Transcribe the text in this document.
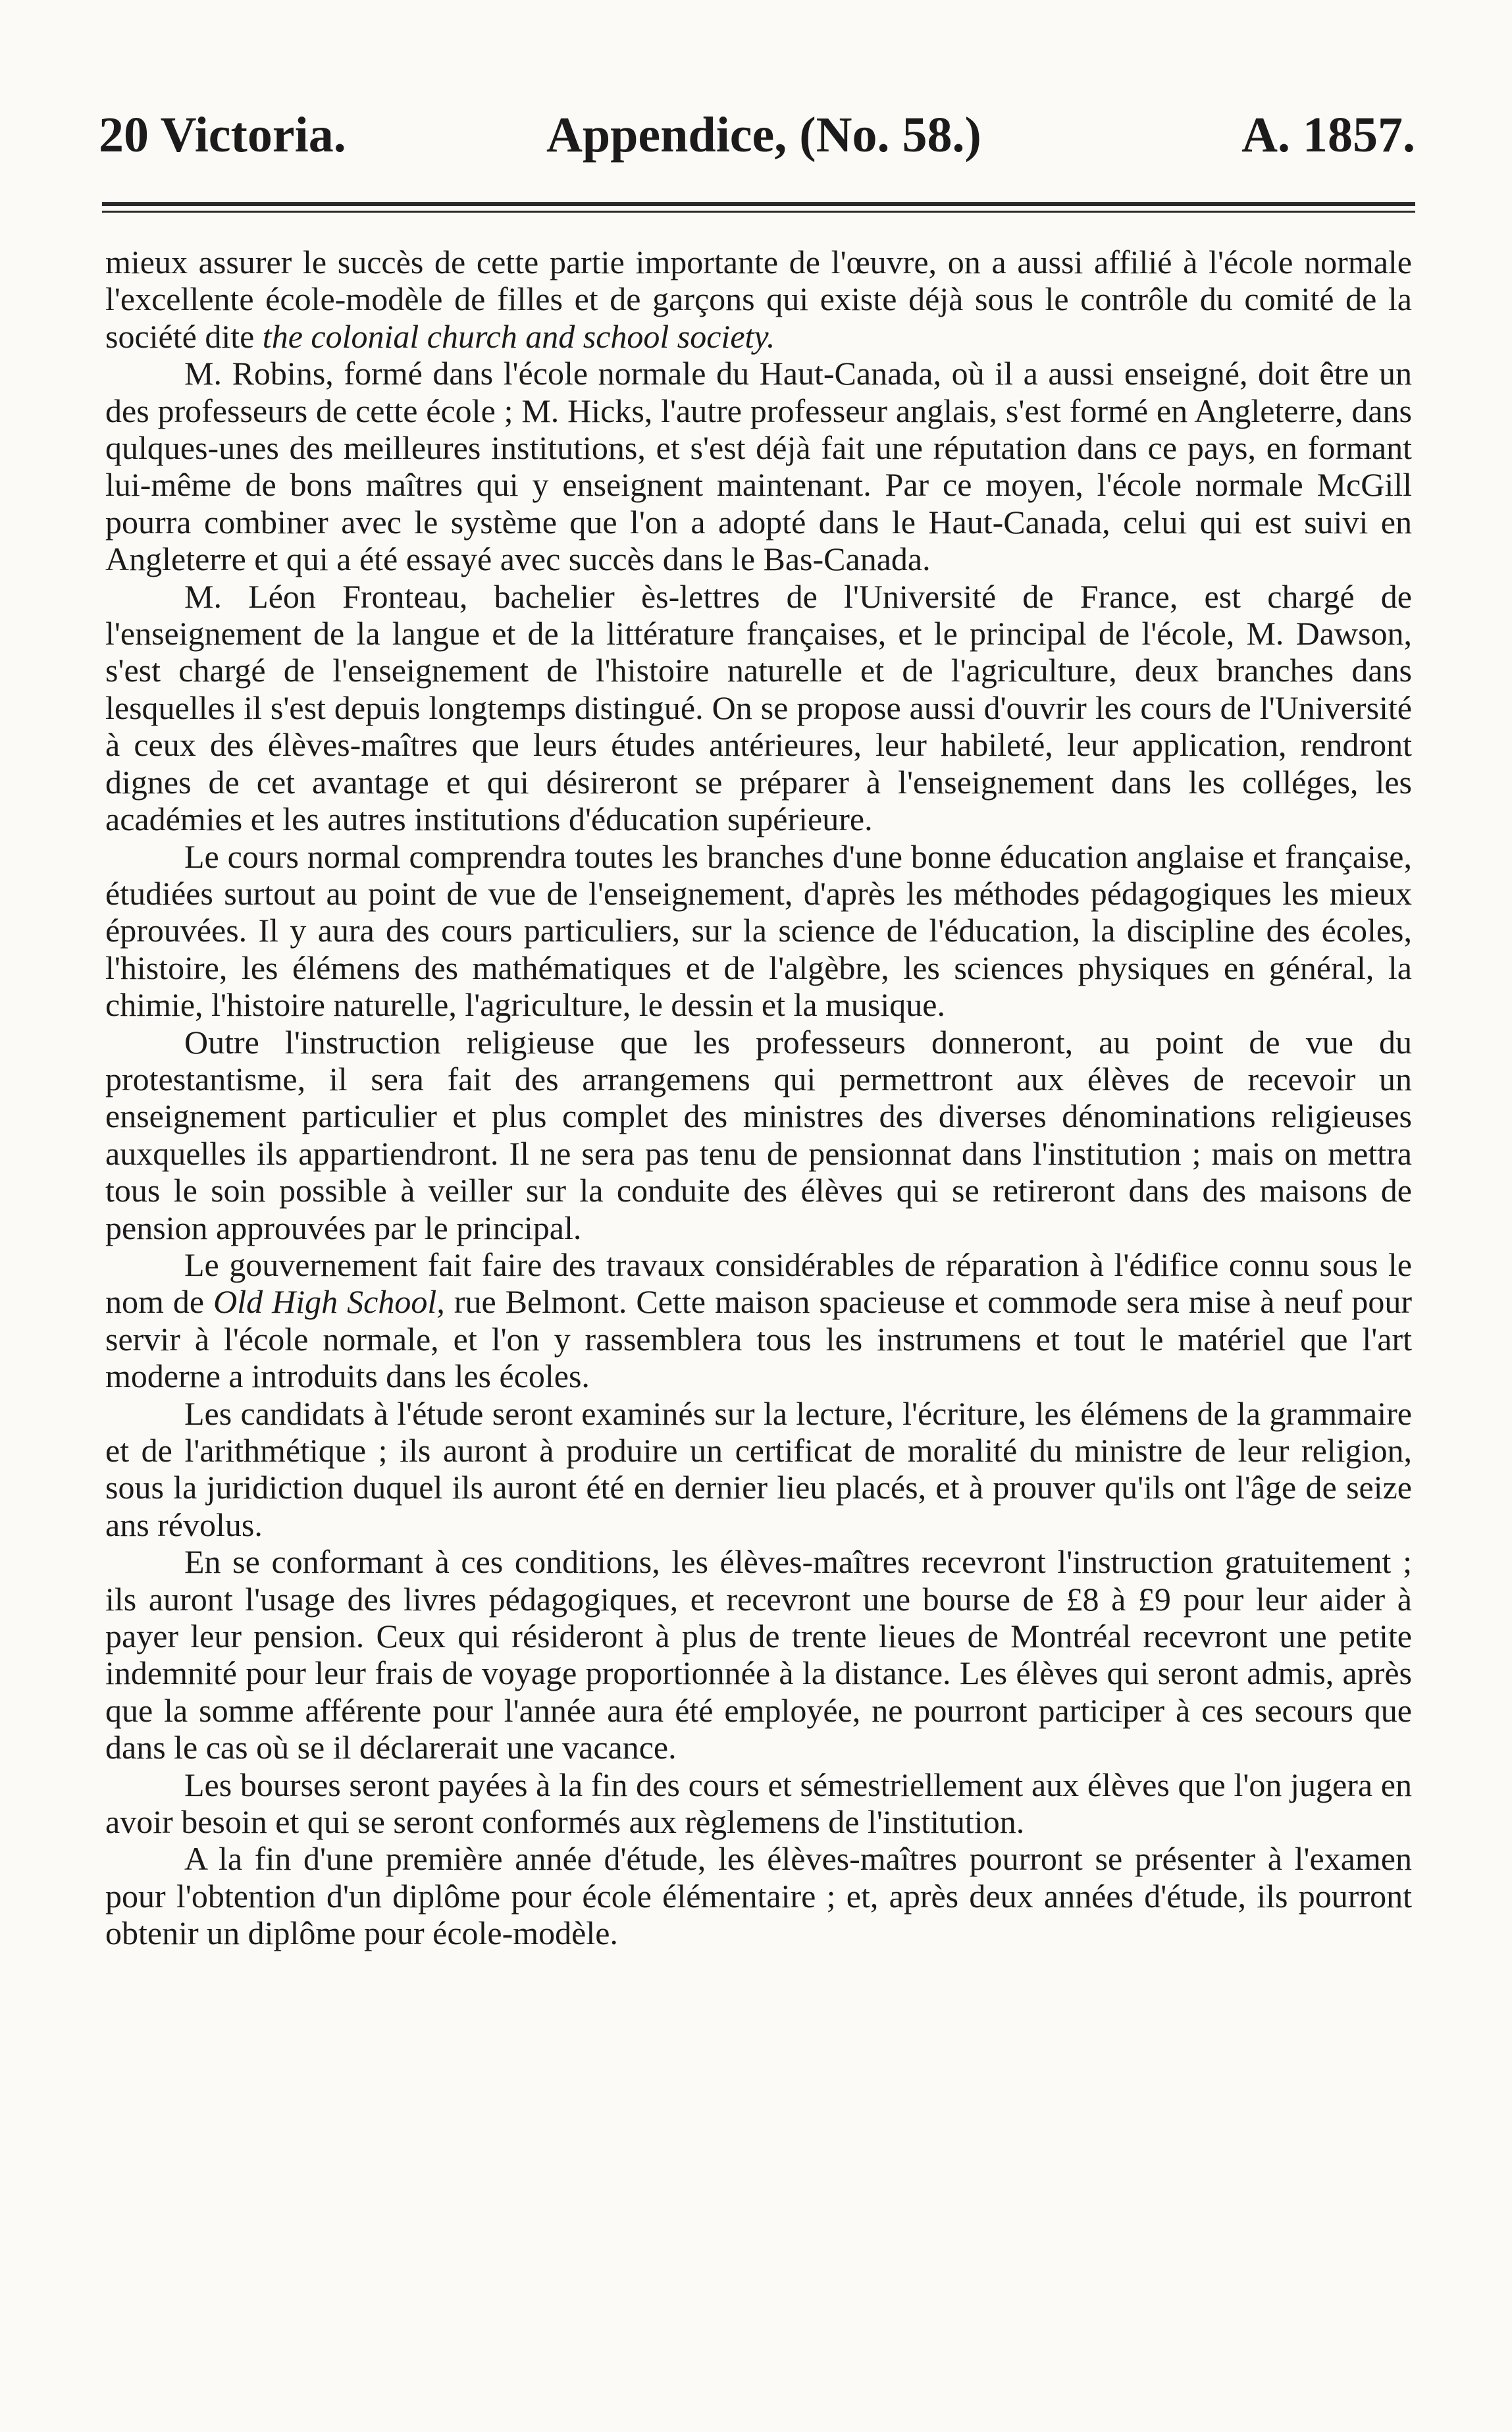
20 Victoria.	Appendice, (No. 58.)	A. 1857.

mieux assurer le succès de cette partie importante de l'œuvre, on a aussi affilié à l'école normale l'excellente école-modèle de filles et de garçons qui existe déjà sous le contrôle du comité de la société dite the colonial church and school society.

M. Robins, formé dans l'école normale du Haut-Canada, où il a aussi enseigné, doit être un des professeurs de cette école ; M. Hicks, l'autre professeur anglais, s'est formé en Angleterre, dans qulques-unes des meilleures institutions, et s'est déjà fait une réputation dans ce pays, en formant lui-même de bons maîtres qui y enseignent maintenant. Par ce moyen, l'école normale McGill pourra combiner avec le système que l'on a adopté dans le Haut-Canada, celui qui est suivi en Angleterre et qui a été essayé avec succès dans le Bas-Canada.

M. Léon Fronteau, bachelier ès-lettres de l'Université de France, est chargé de l'enseignement de la langue et de la littérature françaises, et le principal de l'école, M. Dawson, s'est chargé de l'enseignement de l'histoire naturelle et de l'agriculture, deux branches dans lesquelles il s'est depuis longtemps distingué. On se propose aussi d'ouvrir les cours de l'Université à ceux des élèves-maîtres que leurs études antérieures, leur habileté, leur application, rendront dignes de cet avantage et qui désireront se préparer à l'enseignement dans les colléges, les académies et les autres institutions d'éducation supérieure.

Le cours normal comprendra toutes les branches d'une bonne éducation anglaise et française, étudiées surtout au point de vue de l'enseignement, d'après les méthodes pédagogiques les mieux éprouvées. Il y aura des cours particuliers, sur la science de l'éducation, la discipline des écoles, l'histoire, les élémens des mathématiques et de l'algèbre, les sciences physiques en général, la chimie, l'histoire naturelle, l'agriculture, le dessin et la musique.

Outre l'instruction religieuse que les professeurs donneront, au point de vue du protestantisme, il sera fait des arrangemens qui permettront aux élèves de recevoir un enseignement particulier et plus complet des ministres des diverses dénominations religieuses auxquelles ils appartiendront. Il ne sera pas tenu de pensionnat dans l'institution ; mais on mettra tous le soin possible à veiller sur la conduite des élèves qui se retireront dans des maisons de pension approuvées par le principal.

Le gouvernement fait faire des travaux considérables de réparation à l'édifice connu sous le nom de Old High School, rue Belmont. Cette maison spacieuse et commode sera mise à neuf pour servir à l'école normale, et l'on y rassemblera tous les instrumens et tout le matériel que l'art moderne a introduits dans les écoles.

Les candidats à l'étude seront examinés sur la lecture, l'écriture, les élémens de la grammaire et de l'arithmétique ; ils auront à produire un certificat de moralité du ministre de leur religion, sous la juridiction duquel ils auront été en dernier lieu placés, et à prouver qu'ils ont l'âge de seize ans révolus.

En se conformant à ces conditions, les élèves-maîtres recevront l'instruction gratuitement ; ils auront l'usage des livres pédagogiques, et recevront une bourse de £8 à £9 pour leur aider à payer leur pension. Ceux qui résideront à plus de trente lieues de Montréal recevront une petite indemnité pour leur frais de voyage proportionnée à la distance. Les élèves qui seront admis, après que la somme afférente pour l'année aura été employée, ne pourront participer à ces secours que dans le cas où se il déclarerait une vacance.

Les bourses seront payées à la fin des cours et sémestriellement aux élèves que l'on jugera en avoir besoin et qui se seront conformés aux règlemens de l'institution.

A la fin d'une première année d'étude, les élèves-maîtres pourront se présenter à l'examen pour l'obtention d'un diplôme pour école élémentaire ; et, après deux années d'étude, ils pourront obtenir un diplôme pour école-modèle.
